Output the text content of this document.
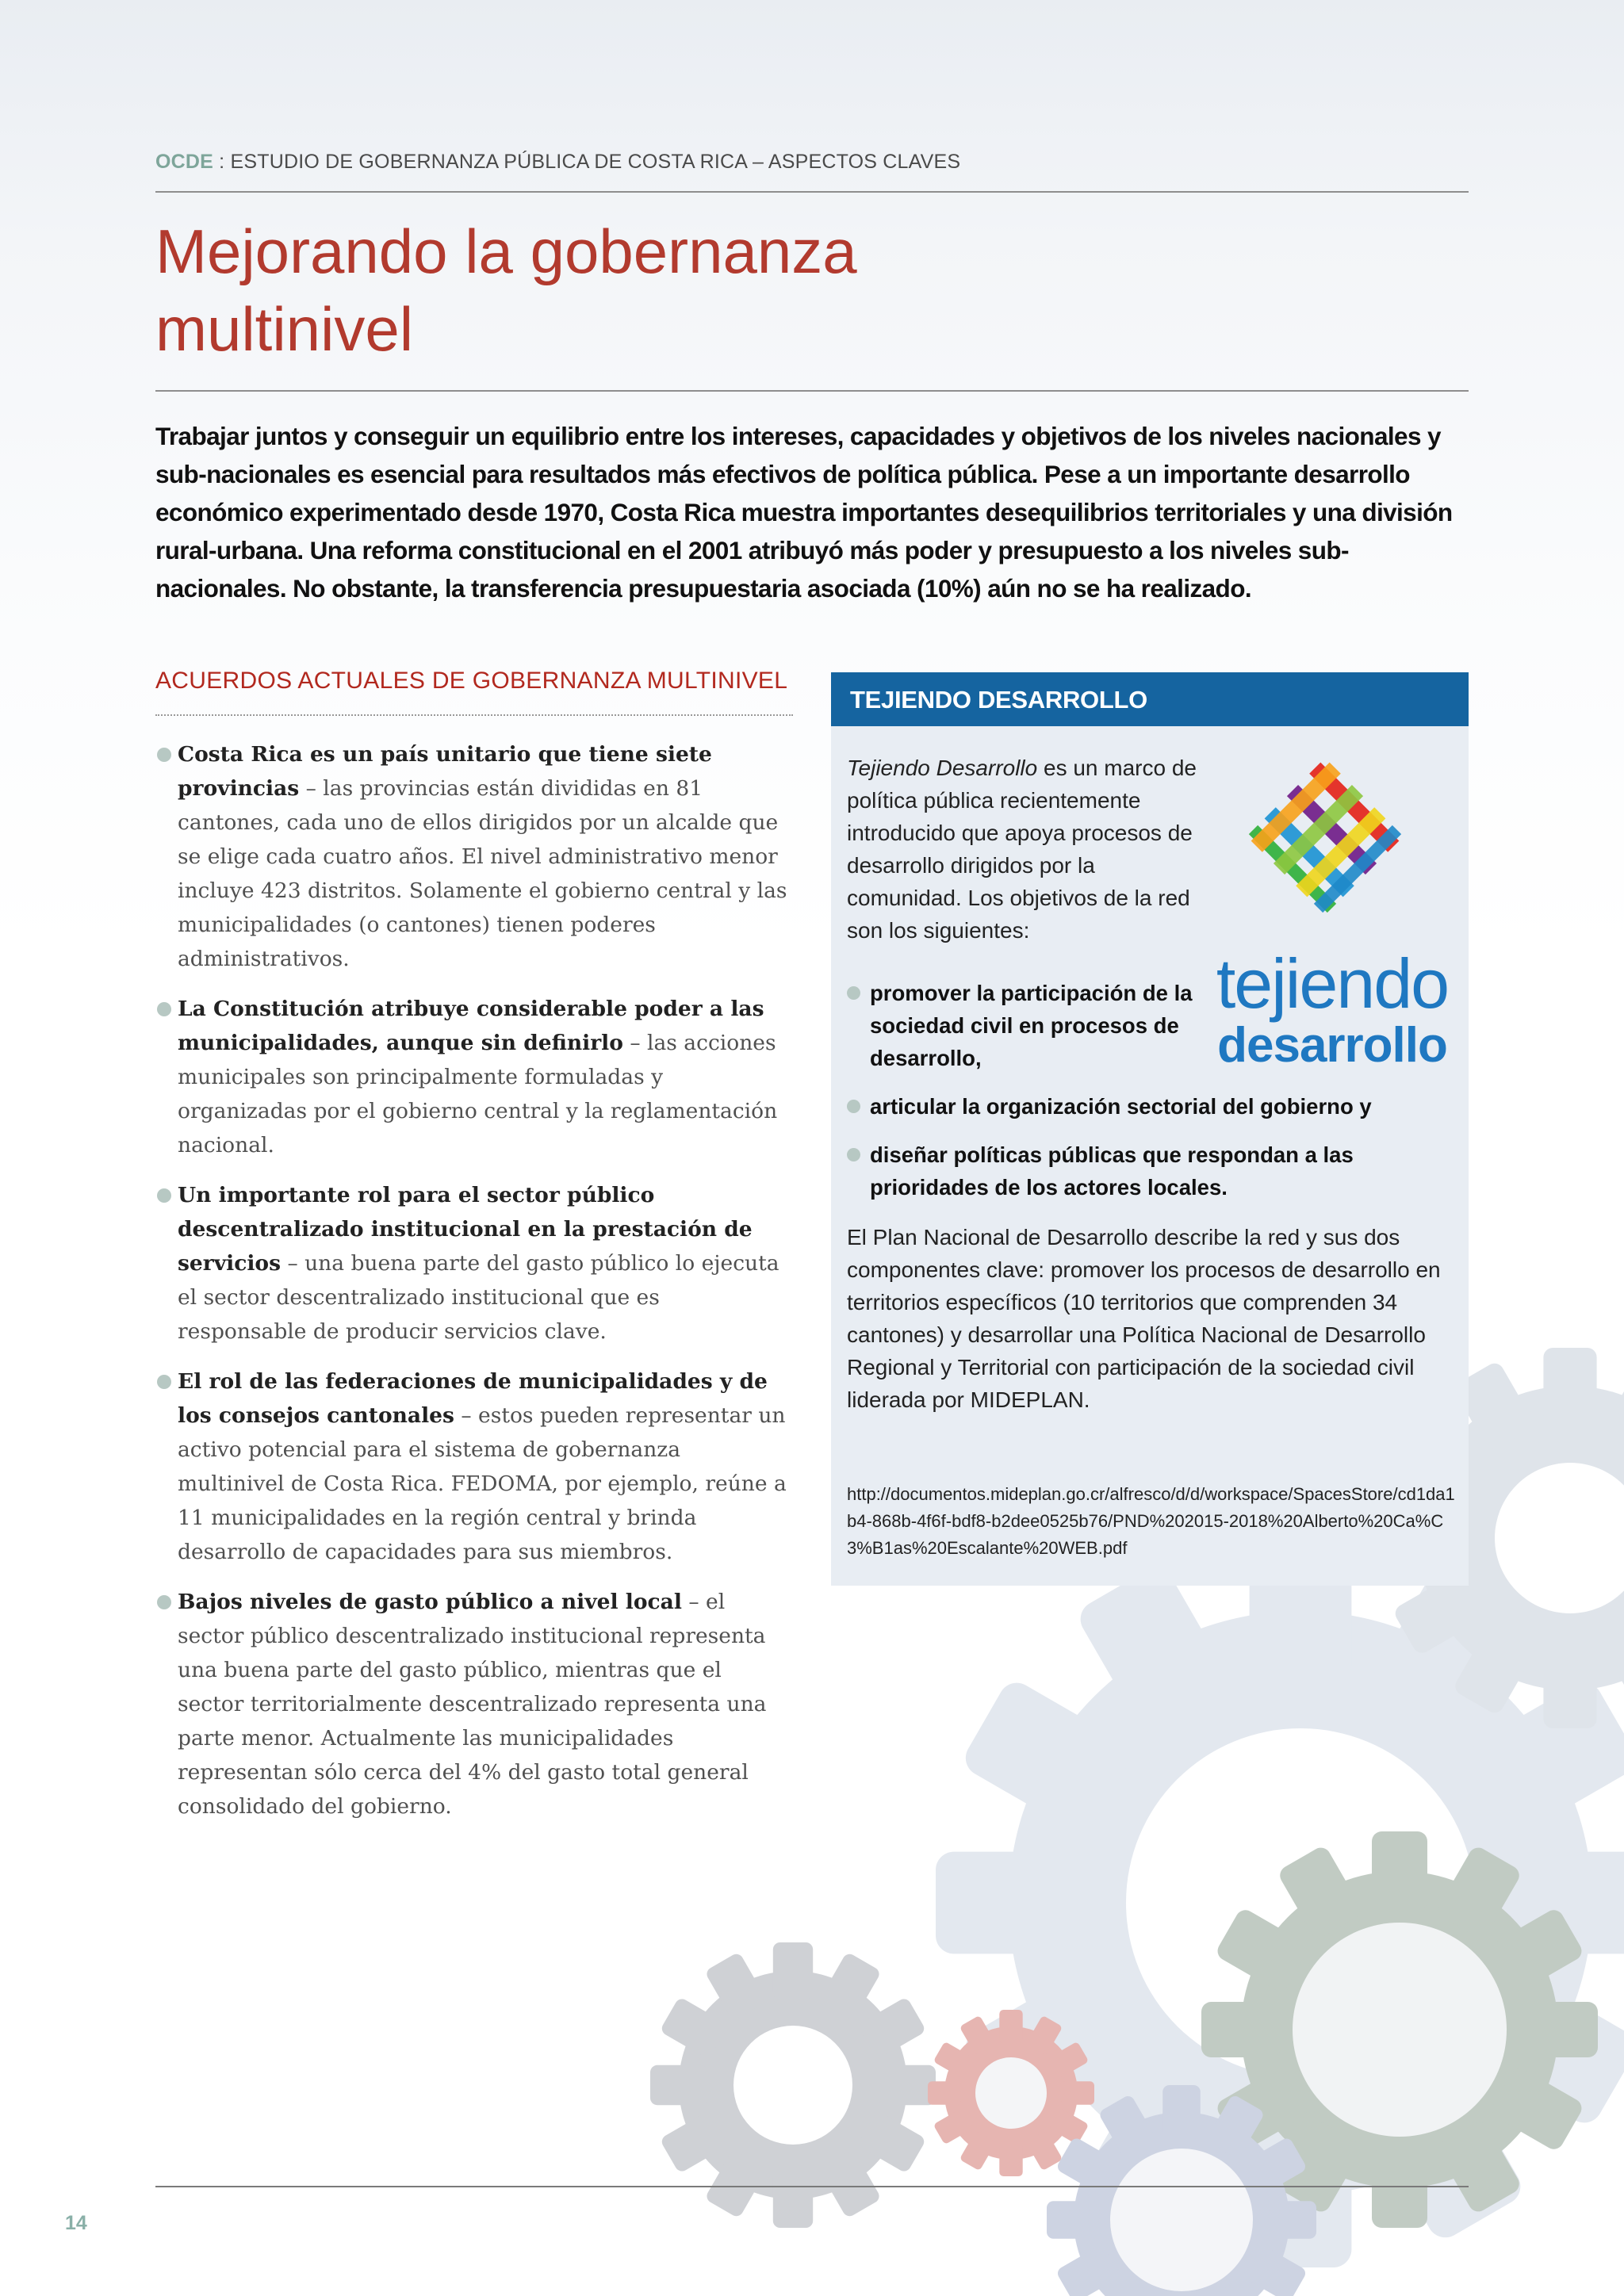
OCDE : ESTUDIO DE GOBERNANZA PÚBLICA DE COSTA RICA – ASPECTOS CLAVES
Mejorando la gobernanza
multinivel

Trabajar juntos y conseguir un equilibrio entre los intereses, capacidades y objetivos de los niveles nacionales y sub-nacionales es esencial para resultados más efectivos de política pública. Pese a un importante desarrollo económico experimentado desde 1970, Costa Rica muestra importantes desequilibrios territoriales y una división rural-urbana. Una reforma constitucional en el 2001 atribuyó más poder y presupuesto a los niveles sub-nacionales. No obstante, la transferencia presupuestaria asociada (10%) aún no se ha realizado.

ACUERDOS ACTUALES DE GOBERNANZA MULTINIVEL
Costa Rica es un país unitario que tiene siete provincias – las provincias están divididas en 81 cantones, cada uno de ellos dirigidos por un alcalde que se elige cada cuatro años. El nivel administrativo menor incluye 423 distritos. Solamente el gobierno central y las municipalidades (o cantones) tienen poderes administrativos.
La Constitución atribuye considerable poder a las municipalidades, aunque sin definirlo – las acciones municipales son principalmente formuladas y organizadas por el gobierno central y la reglamentación nacional.
Un importante rol para el sector público descentralizado institucional en la prestación de servicios – una buena parte del gasto público lo ejecuta el sector descentralizado institucional que es responsable de producir servicios clave.
El rol de las federaciones de municipalidades y de los consejos cantonales – estos pueden representar un activo potencial para el sistema de gobernanza multinivel de Costa Rica. FEDOMA, por ejemplo, reúne a 11 municipalidades en la región central y brinda desarrollo de capacidades para sus miembros.
Bajos niveles de gasto público a nivel local – el sector público descentralizado institucional representa una buena parte del gasto público, mientras que el sector territorialmente descentralizado representa una parte menor. Actualmente las municipalidades representan sólo cerca del 4% del gasto total general consolidado del gobierno.
TEJIENDO DESARROLLO

Tejiendo Desarrollo es un marco de política pública recientemente introducido que apoya procesos de desarrollo dirigidos por la comunidad. Los objetivos de la red son los siguientes:

promover la participación de la sociedad civil en procesos de desarrollo,
articular la organización sectorial del gobierno y
diseñar políticas públicas que respondan a las prioridades de los actores locales.

El Plan Nacional de Desarrollo describe la red y sus dos componentes clave: promover los procesos de desarrollo en territorios específicos (10 territorios que comprenden 34 cantones) y desarrollar una Política Nacional de Desarrollo Regional y Territorial con participación de la sociedad civil liderada por MIDEPLAN.

http://documentos.mideplan.go.cr/alfresco/d/d/workspace/SpacesStore/cd1da1b4-868b-4f6f-bdf8-b2dee0525b76/PND%202015-2018%20Alberto%20Ca%C3%B1as%20Escalante%20WEB.pdf

tejiendo
desarrollo
14
